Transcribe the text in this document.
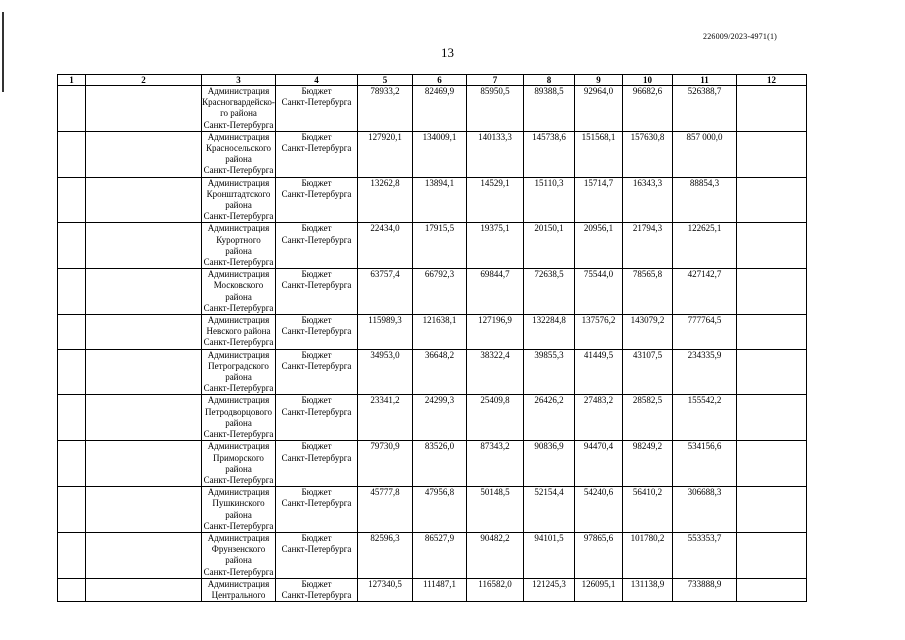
226009/2023-4971(1)
13
1	2	3	4	5	6	7	8	9	10	11	12
		Администрация
Красногвардейско-
го района
Санкт-Петербурга	Бюджет
Санкт-Петербурга	78933,2	82469,9	85950,5	89388,5	92964,0	96682,6	526388,7	
		Администрация
Красносельского
района
Санкт-Петербурга	Бюджет
Санкт-Петербурга	127920,1	134009,1	140133,3	145738,6	151568,1	157630,8	857 000,0	
		Администрация
Кронштадтского
района
Санкт-Петербурга	Бюджет
Санкт-Петербурга	13262,8	13894,1	14529,1	15110,3	15714,7	16343,3	88854,3	
		Администрация
Курортного
района
Санкт-Петербурга	Бюджет
Санкт-Петербурга	22434,0	17915,5	19375,1	20150,1	20956,1	21794,3	122625,1	
		Администрация
Московского
района
Санкт-Петербурга	Бюджет
Санкт-Петербурга	63757,4	66792,3	69844,7	72638,5	75544,0	78565,8	427142,7	
		Администрация
Невского района
Санкт-Петербурга	Бюджет
Санкт-Петербурга	115989,3	121638,1	127196,9	132284,8	137576,2	143079,2	777764,5	
		Администрация
Петроградского
района
Санкт-Петербурга	Бюджет
Санкт-Петербурга	34953,0	36648,2	38322,4	39855,3	41449,5	43107,5	234335,9	
		Администрация
Петродворцового
района
Санкт-Петербурга	Бюджет
Санкт-Петербурга	23341,2	24299,3	25409,8	26426,2	27483,2	28582,5	155542,2	
		Администрация
Приморского
района
Санкт-Петербурга	Бюджет
Санкт-Петербурга	79730,9	83526,0	87343,2	90836,9	94470,4	98249,2	534156,6	
		Администрация
Пушкинского
района
Санкт-Петербурга	Бюджет
Санкт-Петербурга	45777,8	47956,8	50148,5	52154,4	54240,6	56410,2	306688,3	
		Администрация
Фрунзенского
района
Санкт-Петербурга	Бюджет
Санкт-Петербурга	82596,3	86527,9	90482,2	94101,5	97865,6	101780,2	553353,7	
		Администрация
Центрального	Бюджет
Санкт-Петербурга	127340,5	111487,1	116582,0	121245,3	126095,1	131138,9	733888,9	
